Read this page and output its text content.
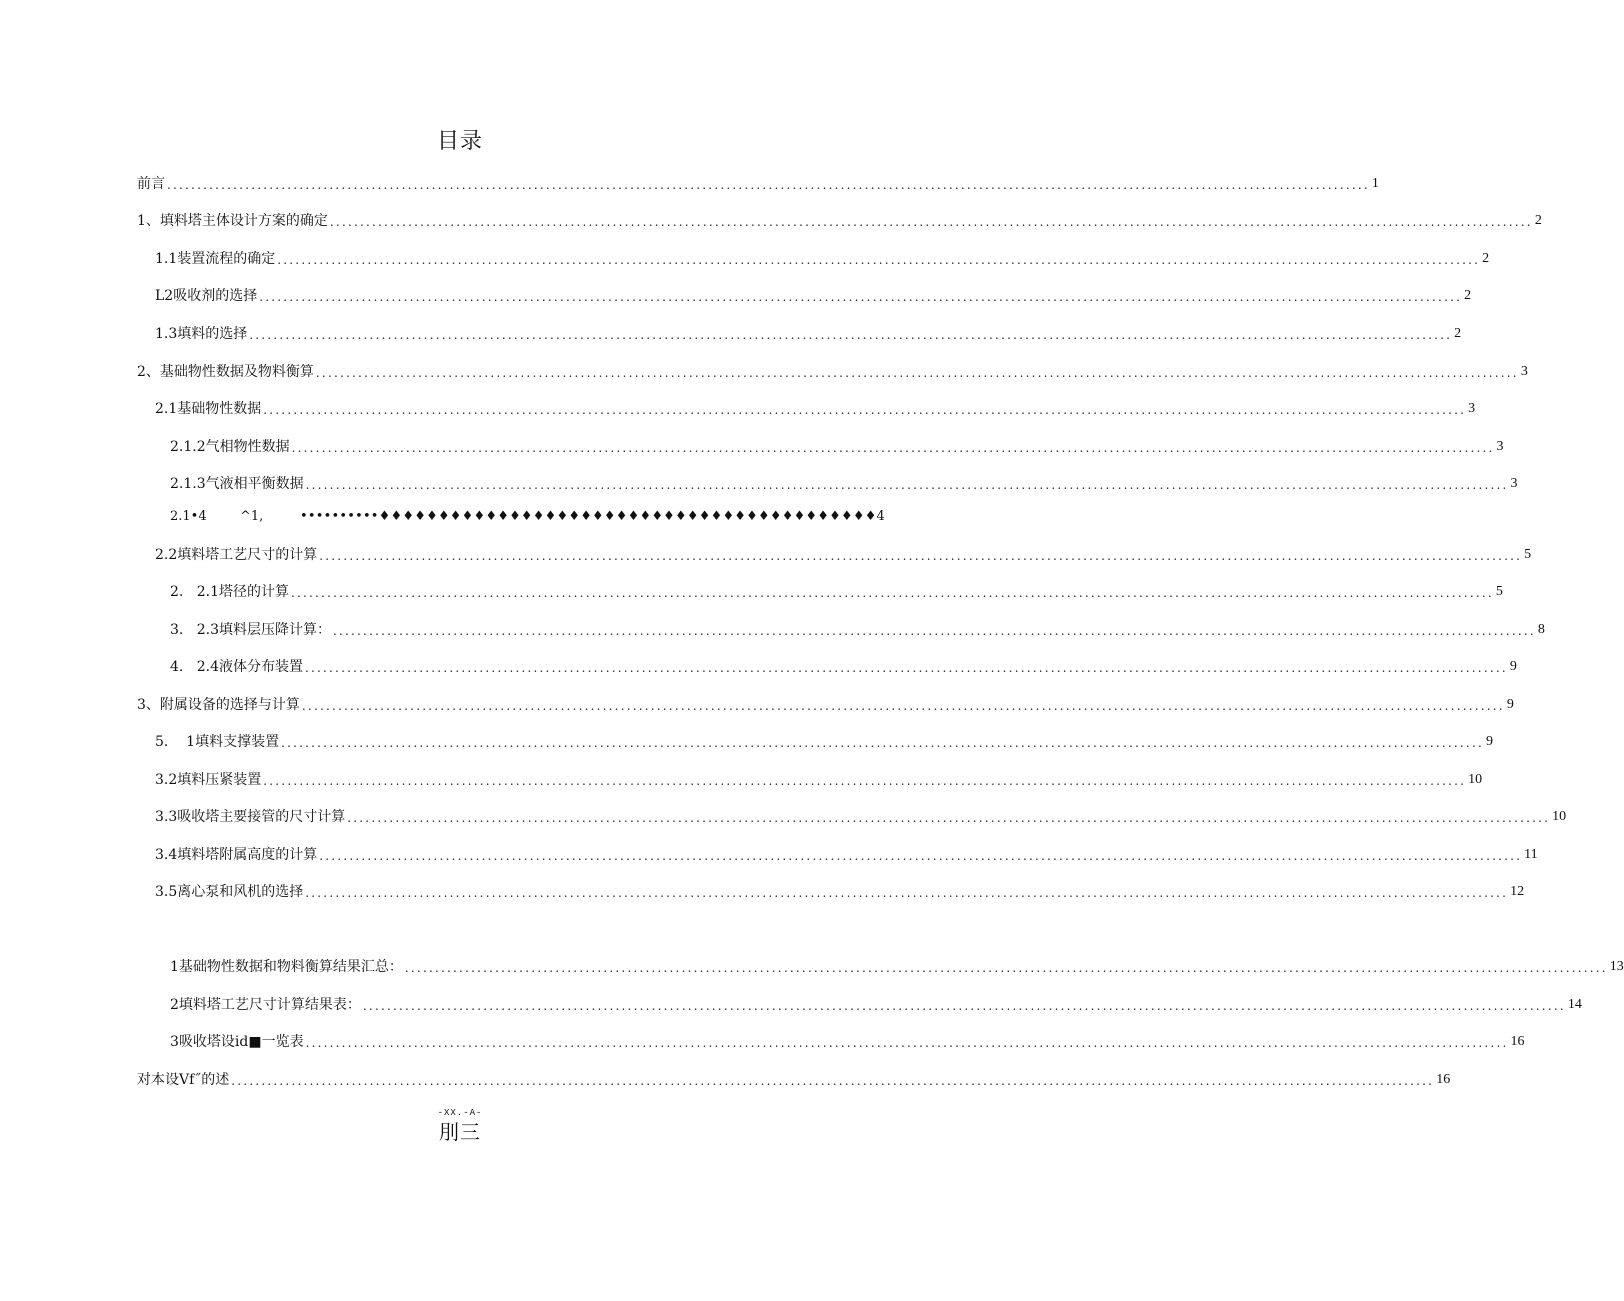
目录
前言 ........................................................................................................................................................................................................ 1
1、填料塔主体设计方案的确定 ........................................................................................................................................................................................................ 2
1.1装置流程的确定 ........................................................................................................................................................................................................ 2
L2吸收剂的选择 ........................................................................................................................................................................................................ 2
1.3填料的选择 ........................................................................................................................................................................................................ 2
2、基础物性数据及物料衡算 ........................................................................................................................................................................................................ 3
2.1基础物性数据 ........................................................................................................................................................................................................ 3
2.1.2气相物性数据 ........................................................................................................................................................................................................ 3
2.1.3气液相平衡数据 ........................................................................................................................................................................................................ 3
2.2填料塔工艺尺寸的计算 ........................................................................................................................................................................................................ 5
2.   2.1塔径的计算 ........................................................................................................................................................................................................ 5
3.   2.3填料层压降计算： ........................................................................................................................................................................................................ 8
4.   2.4液体分布装置 ........................................................................................................................................................................................................ 9
3、附属设备的选择与计算 ........................................................................................................................................................................................................ 9
5.    1填料支撑装置 ........................................................................................................................................................................................................ 9
3.2填料压紧装置 ........................................................................................................................................................................................................ 10
3.3吸收塔主要接管的尺寸计算 ........................................................................................................................................................................................................ 10
3.4填料塔附属高度的计算 ........................................................................................................................................................................................................ 11
3.5离心泵和风机的选择 ........................................................................................................................................................................................................ 12
1基础物性数据和物料衡算结果汇总： ........................................................................................................................................................................................................ 13
2填料塔工艺尺寸计算结果表： ........................................................................................................................................................................................................ 14
3吸收塔设id■一览表 ........................................................................................................................................................................................................ 16
对本设Vf˝的述 ........................................................................................................................................................................................................ 16
2.1•4	^1,	••••••••••♦♦♦♦♦♦♦♦♦♦♦♦♦♦♦♦♦♦♦♦♦♦♦♦♦♦♦♦♦♦♦♦♦♦♦♦♦♦♦♦♦♦4
-XX.-A-
刖三
